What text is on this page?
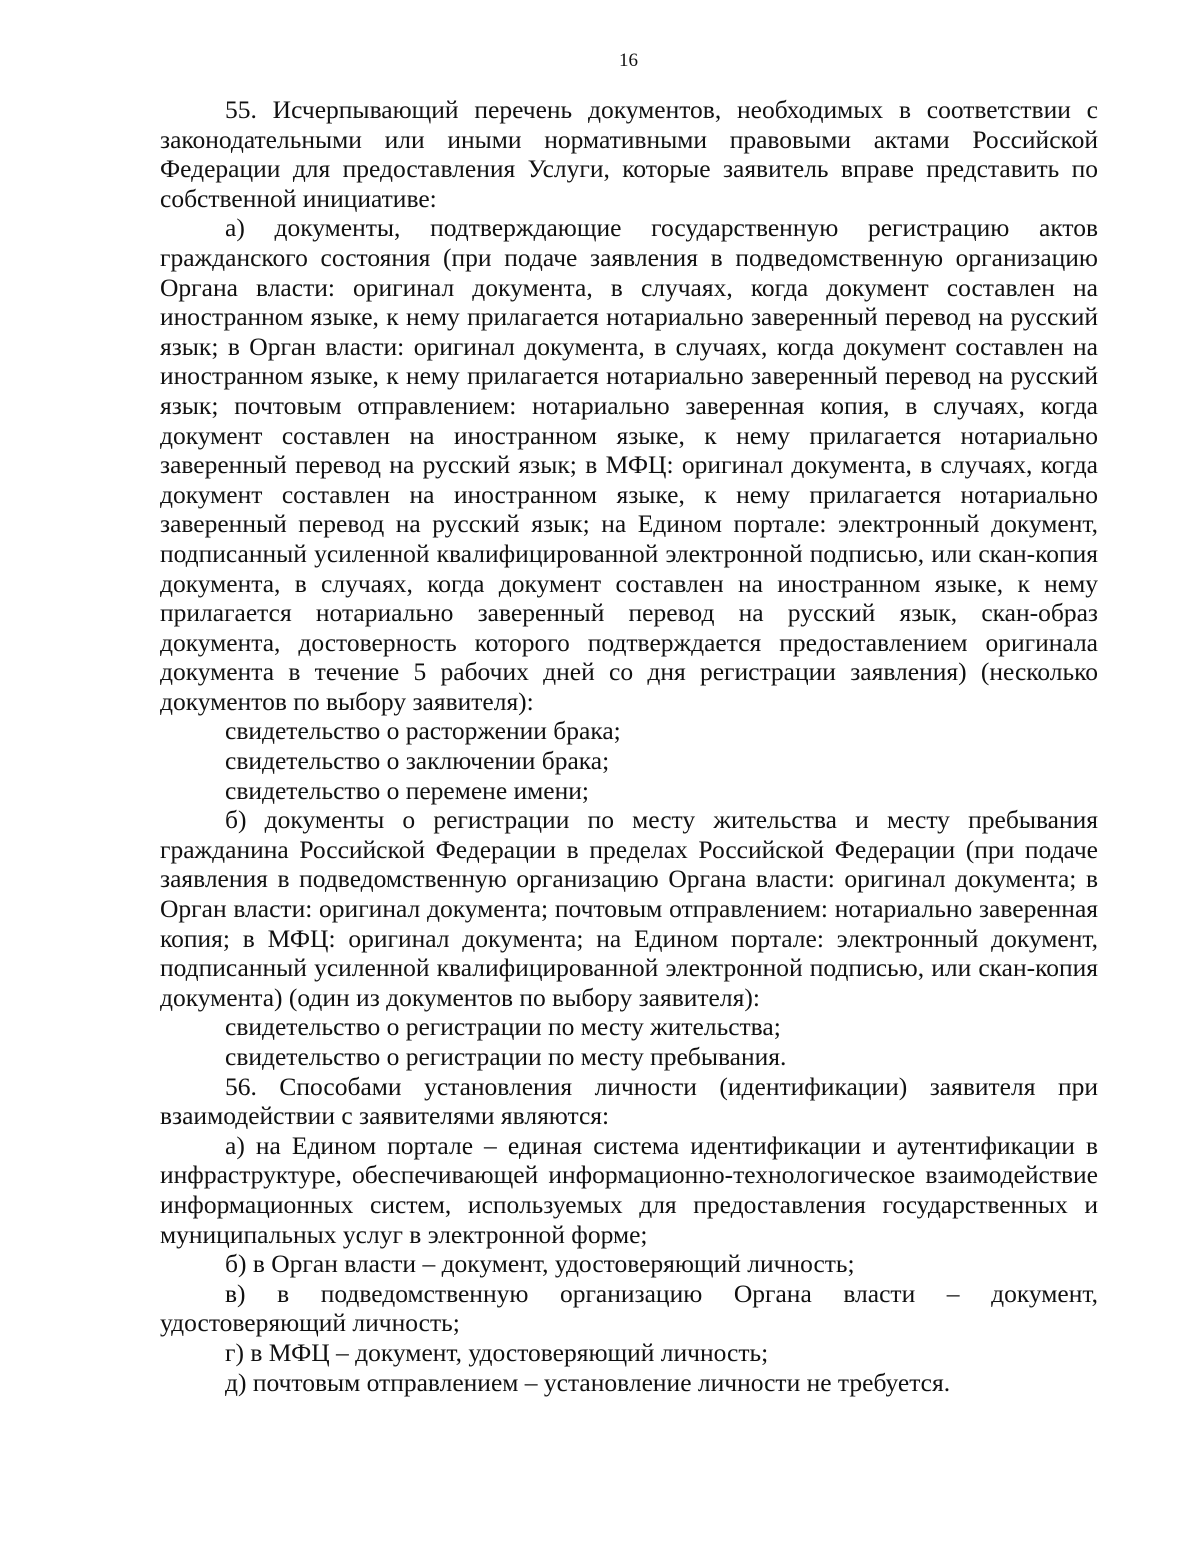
16

55. Исчерпывающий перечень документов, необходимых в соответствии с законодательными или иными нормативными правовыми актами Российской Федерации для предоставления Услуги, которые заявитель вправе представить по собственной инициативе:

а) документы, подтверждающие государственную регистрацию актов гражданского состояния (при подаче заявления в подведомственную организацию Органа власти: оригинал документа, в случаях, когда документ составлен на иностранном языке, к нему прилагается нотариально заверенный перевод на русский язык; в Орган власти: оригинал документа, в случаях, когда документ составлен на иностранном языке, к нему прилагается нотариально заверенный перевод на русский язык; почтовым отправлением: нотариально заверенная копия, в случаях, когда документ составлен на иностранном языке, к нему прилагается нотариально заверенный перевод на русский язык; в МФЦ: оригинал документа, в случаях, когда документ составлен на иностранном языке, к нему прилагается нотариально заверенный перевод на русский язык; на Едином портале: электронный документ, подписанный усиленной квалифицированной электронной подписью, или скан-копия документа, в случаях, когда документ составлен на иностранном языке, к нему прилагается нотариально заверенный перевод на русский язык, скан-образ документа, достоверность которого подтверждается предоставлением оригинала документа в течение 5 рабочих дней со дня регистрации заявления) (несколько документов по выбору заявителя):

свидетельство о расторжении брака;

свидетельство о заключении брака;

свидетельство о перемене имени;

б) документы о регистрации по месту жительства и месту пребывания гражданина Российской Федерации в пределах Российской Федерации (при подаче заявления в подведомственную организацию Органа власти: оригинал документа; в Орган власти: оригинал документа; почтовым отправлением: нотариально заверенная копия; в МФЦ: оригинал документа; на Едином портале: электронный документ, подписанный усиленной квалифицированной электронной подписью, или скан-копия документа) (один из документов по выбору заявителя):

свидетельство о регистрации по месту жительства;

свидетельство о регистрации по месту пребывания.

56. Способами установления личности (идентификации) заявителя при взаимодействии с заявителями являются:

а) на Едином портале – единая система идентификации и аутентификации в инфраструктуре, обеспечивающей информационно-технологическое взаимодействие информационных систем, используемых для предоставления государственных и муниципальных услуг в электронной форме;

б) в Орган власти – документ, удостоверяющий личность;

в) в подведомственную организацию Органа власти – документ, удостоверяющий личность;

г) в МФЦ – документ, удостоверяющий личность;

д) почтовым отправлением – установление личности не требуется.
